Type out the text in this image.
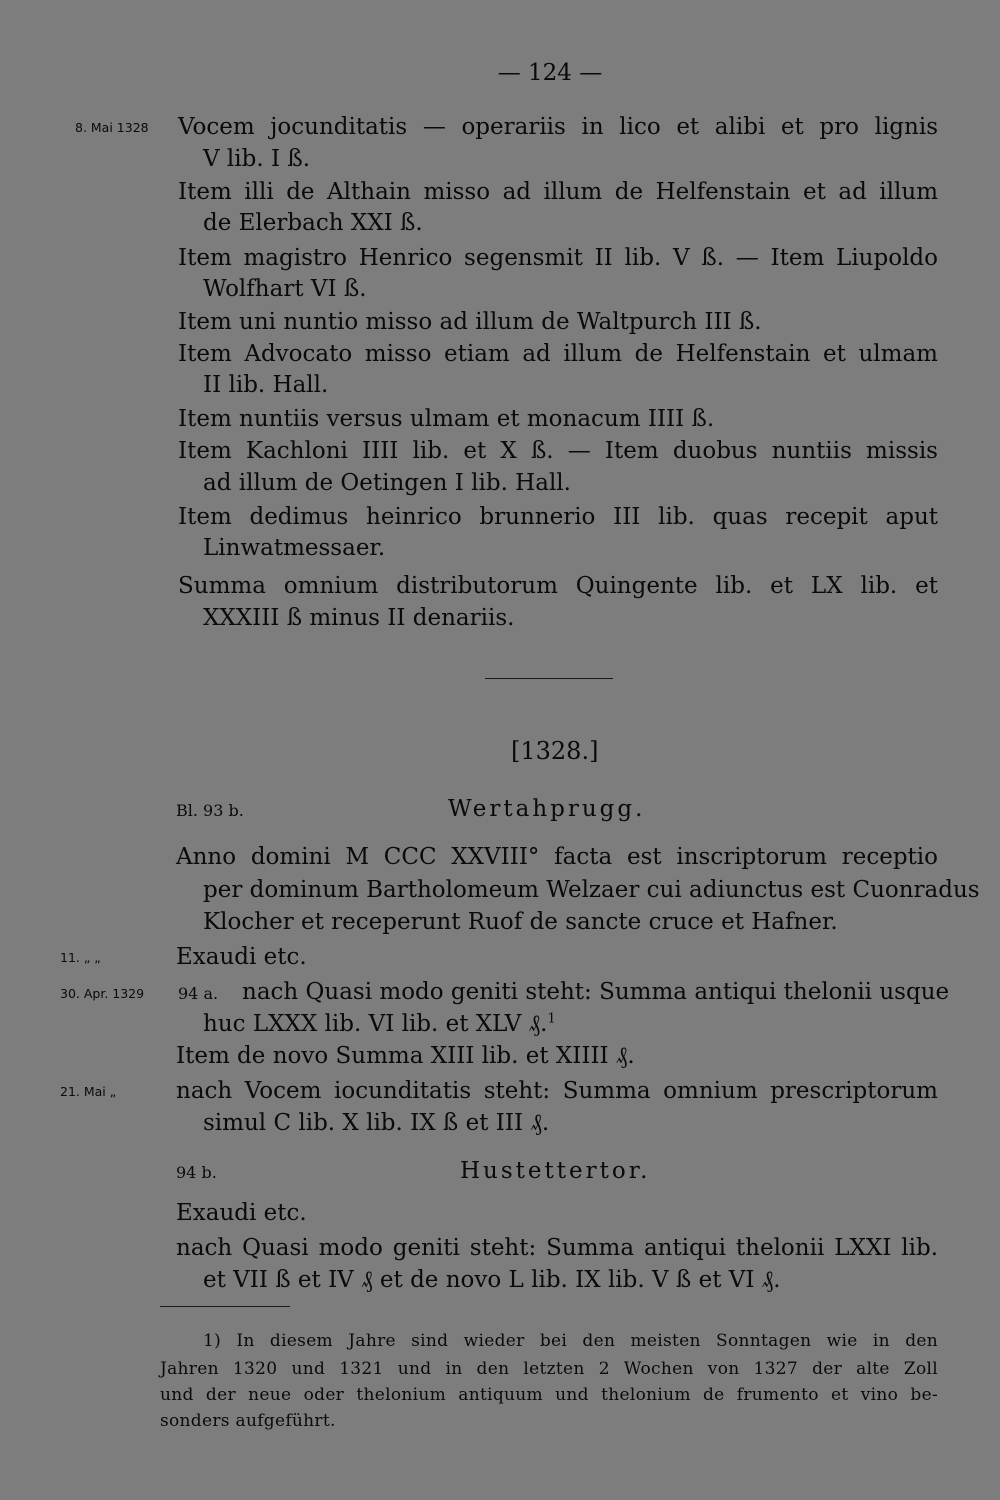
— 124 —
8. Mai 1328 Vocem jocunditatis — operariis in lico et alibi et pro lignis
V lib. I ß.
Item illi de Althain misso ad illum de Helfenstain et ad illum
de Elerbach XXI ß.
Item magistro Henrico segensmit II lib. V ß. — Item Liupoldo
Wolfhart VI ß.
Item uni nuntio misso ad illum de Waltpurch III ß.
Item Advocato misso etiam ad illum de Helfenstain et ulmam
II lib. Hall.
Item nuntiis versus ulmam et monacum IIII ß.
Item Kachloni IIII lib. et X ß. — Item duobus nuntiis missis
ad illum de Oetingen I lib. Hall.
Item dedimus heinrico brunnerio III lib. quas recepit aput
Linwatmessaer.
Summa omnium distributorum Quingente lib. et LX lib. et
XXXIII ß minus II denariis.
[1328.]
Bl. 93 b.	Wertahprugg.
Anno domini M CCC XXVIII° facta est inscriptorum receptio
per dominum Bartholomeum Welzaer cui adiunctus est Cuonradus
Klocher et receperunt Ruof de sancte cruce et Hafner.
11. „ „	Exaudi etc.
30. Apr. 1329 94 a. nach Quasi modo geniti steht: Summa antiqui thelonii usque
huc LXXX lib. VI lib. et XLV ₰.$^1$
Item de novo Summa XIII lib. et XIIII ₰.
21. Mai „	nach Vocem iocunditatis steht: Summa omnium prescriptorum
simul C lib. X lib. IX ß et III ₰.
94 b.	Hustettertor.
Exaudi etc.
nach Quasi modo geniti steht: Summa antiqui thelonii LXXI lib.
et VII ß et IV ₰ et de novo L lib. IX lib. V ß et VI ₰.
1) In diesem Jahre sind wieder bei den meisten Sonntagen wie in den
Jahren 1320 und 1321 und in den letzten 2 Wochen von 1327 der alte Zoll
und der neue oder thelonium antiquum und thelonium de frumento et vino be-
sonders aufgeführt.
